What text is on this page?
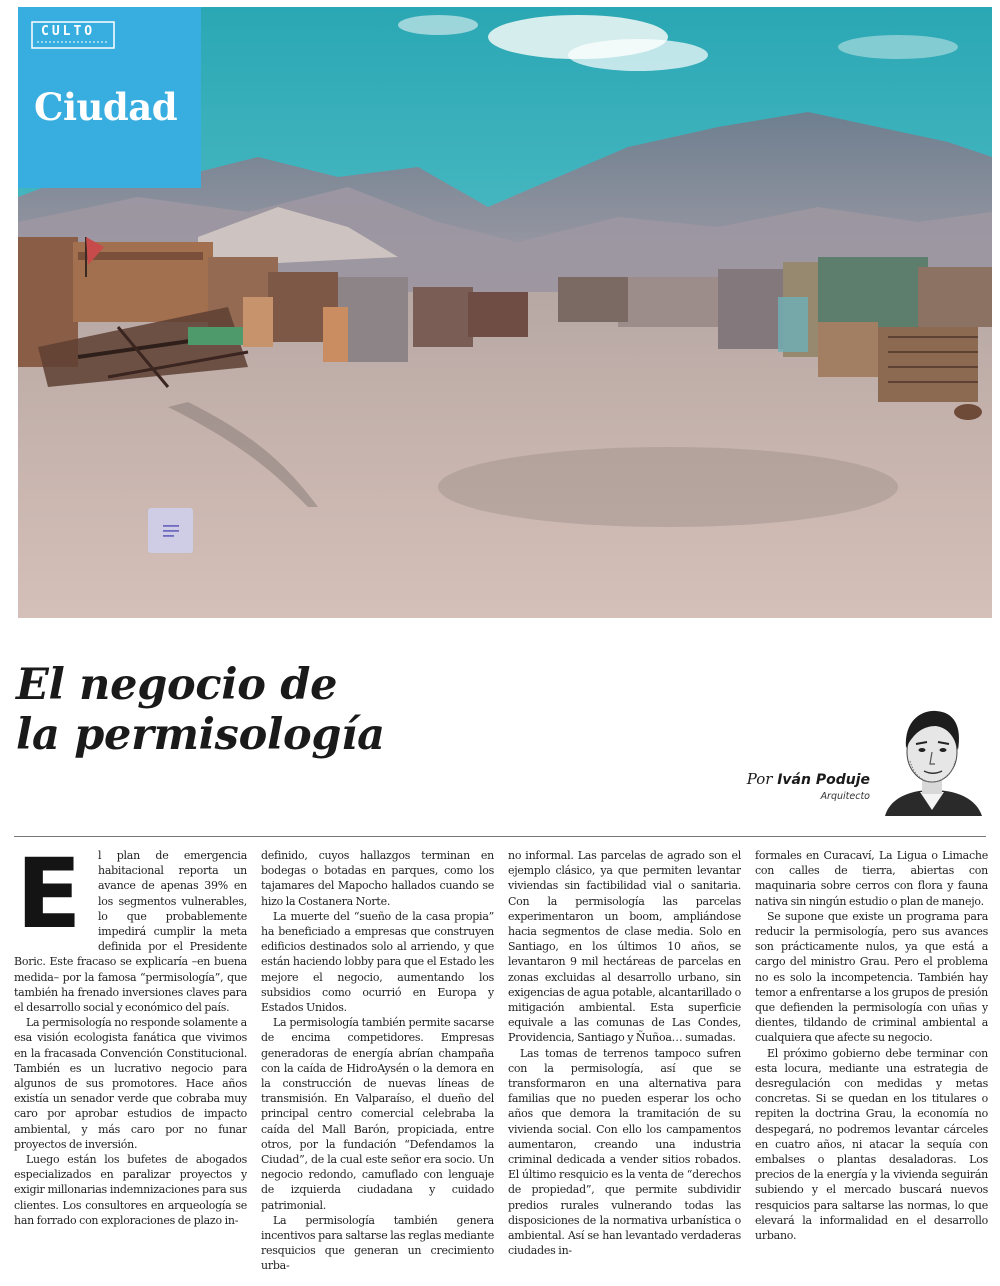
CULTO
Ciudad
El negocio de
la permisología
Por Iván Poduje
Arquitecto
E	l plan de emergencia habitacional reporta un avance de apenas 39% en los segmentos vulnerables, lo que probablemente impedirá cumplir la meta definida por el Presidente Boric. Este fracaso se explicaría –en buena medida– por la famosa “permisología”, que también ha frenado inversiones claves para el desarrollo social y económico del país.

La permisología no responde solamente a esa visión ecologista fanática que vivimos en la fracasada Convención Constitucional. También es un lucrativo negocio para algunos de sus promotores. Hace años existía un senador verde que cobraba muy caro por aprobar estudios de impacto ambiental, y más caro por no funar proyectos de inversión.

Luego están los bufetes de abogados especializados en paralizar proyectos y exigir millonarias indemnizaciones para sus clientes. Los consultores en arqueología se han forrado con exploraciones de plazo in-

definido, cuyos hallazgos terminan en bodegas o botadas en parques, como los tajamares del Mapocho hallados cuando se hizo la Costanera Norte.

La muerte del “sueño de la casa propia” ha beneficiado a empresas que construyen edificios destinados solo al arriendo, y que están haciendo lobby para que el Estado les mejore el negocio, aumentando los subsidios como ocurrió en Europa y Estados Unidos.

La permisología también permite sacarse de encima competidores. Empresas generadoras de energía abrían champaña con la caída de HidroAysén o la demora en la construcción de nuevas líneas de transmisión. En Valparaíso, el dueño del principal centro comercial celebraba la caída del Mall Barón, propiciada, entre otros, por la fundación “Defendamos la Ciudad”, de la cual este señor era socio. Un negocio redondo, camuflado con lenguaje de izquierda ciudadana y cuidado patrimonial.

La permisología también genera incentivos para saltarse las reglas mediante resquicios que generan un crecimiento urba-

no informal. Las parcelas de agrado son el ejemplo clásico, ya que permiten levantar viviendas sin factibilidad vial o sanitaria. Con la permisología las parcelas experimentaron un boom, ampliándose hacia segmentos de clase media. Solo en Santiago, en los últimos 10 años, se levantaron 9 mil hectáreas de parcelas en zonas excluidas al desarrollo urbano, sin exigencias de agua potable, alcantarillado o mitigación ambiental. Esta superficie equivale a las comunas de Las Condes, Providencia, Santiago y Ñuñoa… sumadas.

Las tomas de terrenos tampoco sufren con la permisología, así que se transformaron en una alternativa para familias que no pueden esperar los ocho años que demora la tramitación de su vivienda social. Con ello los campamentos aumentaron, creando una industria criminal dedicada a vender sitios robados. El último resquicio es la venta de “derechos de propiedad”, que permite subdividir predios rurales vulnerando todas las disposiciones de la normativa urbanística o ambiental. Así se han levantado verdaderas ciudades in-

formales en Curacaví, La Ligua o Limache con calles de tierra, abiertas con maquinaria sobre cerros con flora y fauna nativa sin ningún estudio o plan de manejo.

Se supone que existe un programa para reducir la permisología, pero sus avances son prácticamente nulos, ya que está a cargo del ministro Grau. Pero el problema no es solo la incompetencia. También hay temor a enfrentarse a los grupos de presión que defienden la permisología con uñas y dientes, tildando de criminal ambiental a cualquiera que afecte su negocio.

El próximo gobierno debe terminar con esta locura, mediante una estrategia de desregulación con medidas y metas concretas. Si se quedan en los titulares o repiten la doctrina Grau, la economía no despegará, no podremos levantar cárceles en cuatro años, ni atacar la sequía con embalses o plantas desaladoras. Los precios de la energía y la vivienda seguirán subiendo y el mercado buscará nuevos resquicios para saltarse las normas, lo que elevará la informalidad en el desarrollo urbano.
